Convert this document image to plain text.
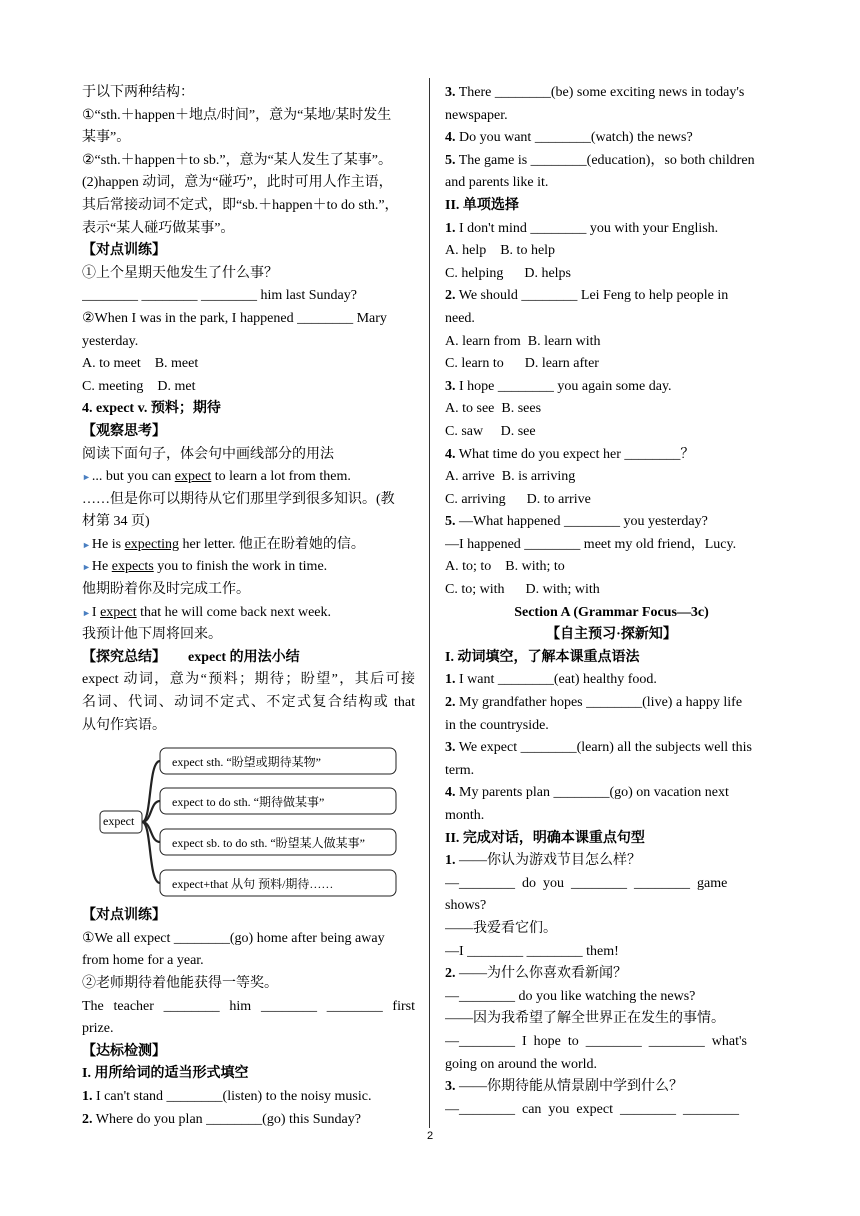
于以下两种结构：
①“sth.＋happen＋地点/时间”，意为“某地/某时发生
某事”。
②“sth.＋happen＋to sb.”，意为“某人发生了某事”。
(2)happen 动词，意为“碰巧”，此时可用人作主语，
其后常接动词不定式，即“sb.＋happen＋to do sth.”，
表示“某人碰巧做某事”。
【对点训练】
①上个星期天他发生了什么事？
________ ________ ________ him last Sunday?
②When I was in the park, I happened ________ Mary
yesterday.
A. to meet    B. meet
C. meeting    D. met
4. expect v. 预料；期待
【观察思考】
阅读下面句子，体会句中画线部分的用法
►... but you can expect to learn a lot from them.
……但是你可以期待从它们那里学到很多知识。(教
材第 34 页)
►He is expecting her letter. 他正在盼着她的信。
►He expects you to finish the work in time.
他期盼着你及时完成工作。
►I expect that he will come back next week.
我预计他下周将回来。
【探究总结】 expect 的用法小结
expect 动词，意为“预料；期待；盼望”，其后可接
名词、代词、动词不定式、不定式复合结构或 that
从句作宾语。
expect
expect sth. “盼望或期待某物”
expect to do sth. “期待做某事”
expect sb. to do sth. “盼望某人做某事”
expect+that 从句 预料/期待……
【对点训练】
①We all expect ________(go) home after being away
from home for a year.
②老师期待着他能获得一等奖。
The teacher ________ him ________ ________ first
prize.
【达标检测】
I. 用所给词的适当形式填空
1. I can't stand ________(listen) to the noisy music.
2. Where do you plan ________(go) this Sunday?
3. There ________(be) some exciting news in today's
newspaper.
4. Do you want ________(watch) the news?
5. The game is ________(education)，so both children
and parents like it.
II. 单项选择
1. I don't mind ________ you with your English.
A. help    B. to help
C. helping      D. helps
2. We should ________ Lei Feng to help people in
need.
A. learn from  B. learn with
C. learn to      D. learn after
3. I hope ________ you again some day.
A. to see  B. sees
C. saw     D. see
4. What time do you expect her ________？
A. arrive  B. is arriving
C. arriving      D. to arrive
5. —What happened ________ you yesterday?
—I happened ________ meet my old friend，Lucy.
A. to; to    B. with; to
C. to; with      D. with; with
Section A (Grammar Focus—3c)
【自主预习·探新知】
I. 动词填空，了解本课重点语法
1. I want ________(eat) healthy food.
2. My grandfather hopes ________(live) a happy life
in the countryside.
3. We expect ________(learn) all the subjects well this
term.
4. My parents plan ________(go) on vacation next
month.
II. 完成对话，明确本课重点句型
1. ——你认为游戏节目怎么样？
—________  do  you  ________  ________  game
shows?
——我爱看它们。
—I ________ ________ them!
2. ——为什么你喜欢看新闻？
—________ do you like watching the news?
——因为我希望了解全世界正在发生的事情。
—________  I  hope  to  ________  ________  what's
going on around the world.
3. ——你期待能从情景剧中学到什么？
—________  can  you  expect  ________  ________
2
